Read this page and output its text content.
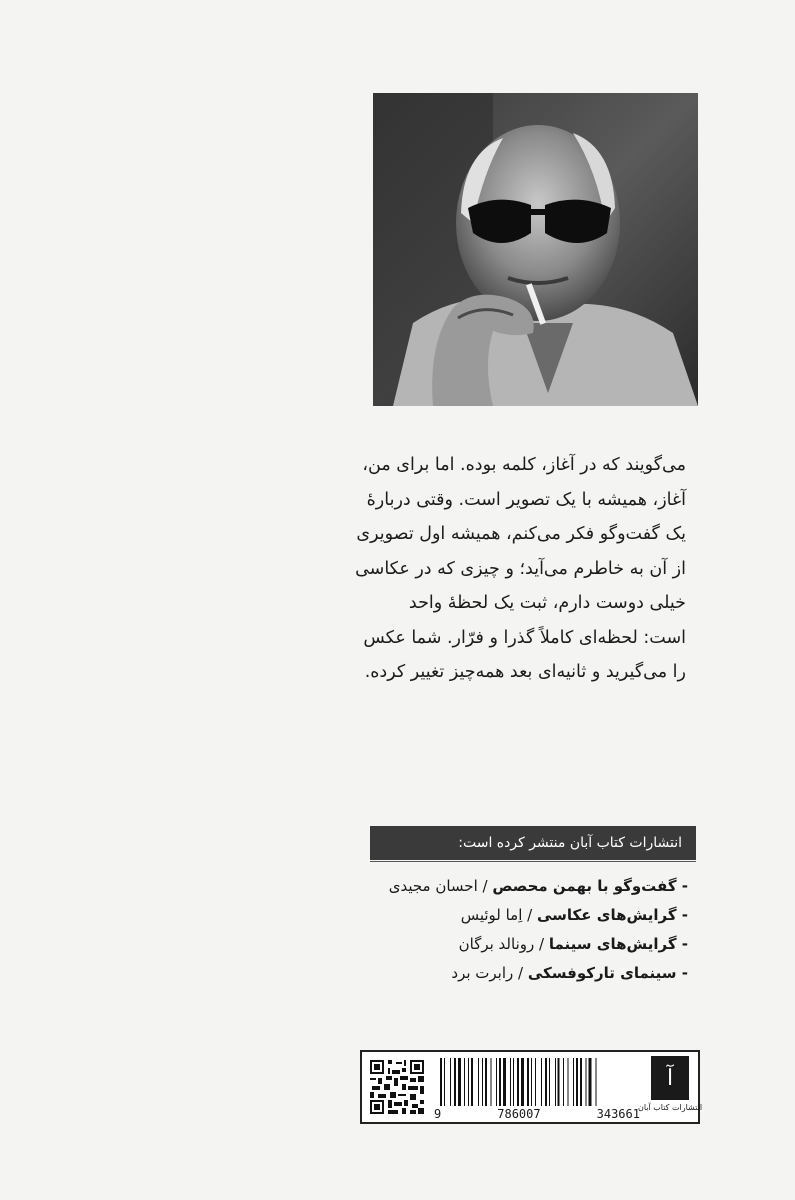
می‌گویند که در آغاز، کلمه بوده. اما برای من،
آغاز، همیشه با یک تصویر است. وقتی دربارهٔ
یک گفت‌وگو فکر می‌کنم، همیشه اول تصویری
از آن به خاطرم می‌آید؛ و چیزی که در عکاسی
خیلی دوست دارم، ثبت یک لحظهٔ واحد
است: لحظه‌ای کاملاً گذرا و فرّار. شما عکس
را می‌گیرید و ثانیه‌ای بعد همه‌چیز تغییر کرده.
انتشارات کتاب آبان منتشر کرده است:
- گفت‌وگو با بهمن محصص / احسان مجیدی
- گرایش‌های عکاسی / اِما لوئیس
- گرایش‌های سینما / رونالد برگان
- سینمای تارکوفسکی / رابرت برد
9	786007	343661
آ
انتشارات کتاب آبان
